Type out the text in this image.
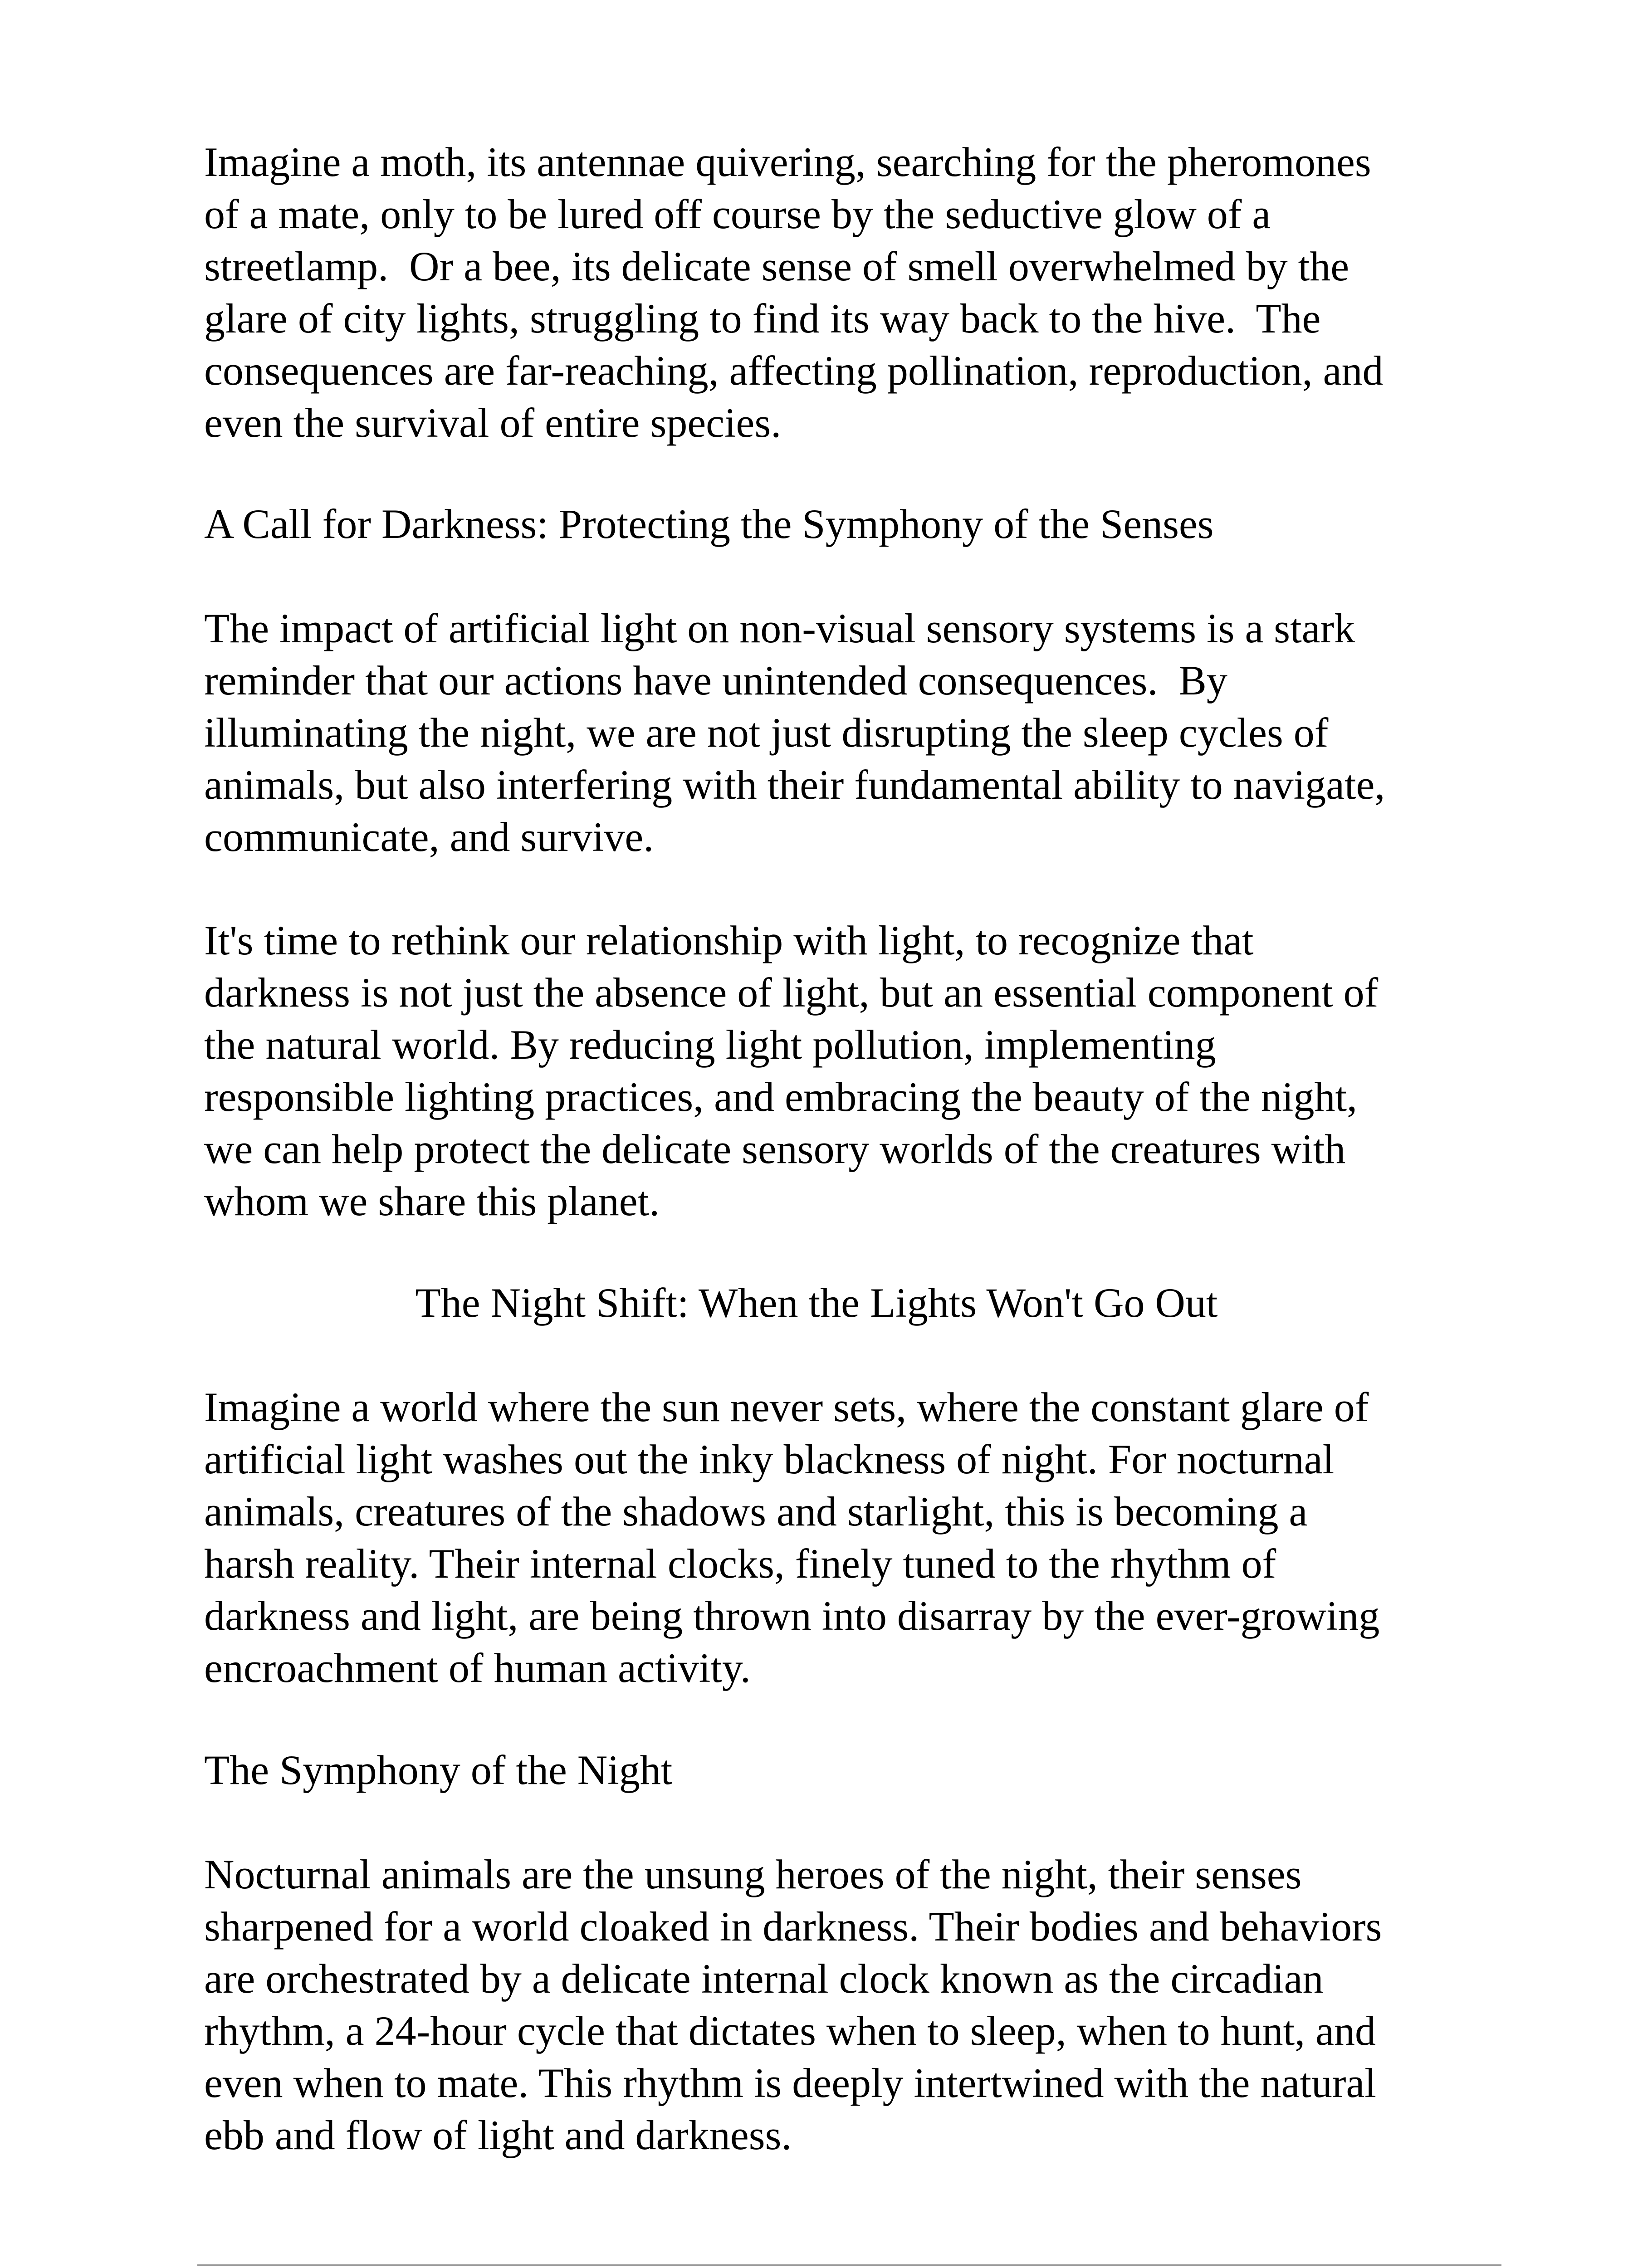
Imagine a moth, its antennae quivering, searching for the pheromones
of a mate, only to be lured off course by the seductive glow of a
streetlamp.  Or a bee, its delicate sense of smell overwhelmed by the
glare of city lights, struggling to find its way back to the hive.  The
consequences are far-reaching, affecting pollination, reproduction, and
even the survival of entire species.

A Call for Darkness: Protecting the Symphony of the Senses

The impact of artificial light on non-visual sensory systems is a stark
reminder that our actions have unintended consequences.  By
illuminating the night, we are not just disrupting the sleep cycles of
animals, but also interfering with their fundamental ability to navigate,
communicate, and survive.

It's time to rethink our relationship with light, to recognize that
darkness is not just the absence of light, but an essential component of
the natural world. By reducing light pollution, implementing
responsible lighting practices, and embracing the beauty of the night,
we can help protect the delicate sensory worlds of the creatures with
whom we share this planet.

The Night Shift: When the Lights Won't Go Out

Imagine a world where the sun never sets, where the constant glare of
artificial light washes out the inky blackness of night. For nocturnal
animals, creatures of the shadows and starlight, this is becoming a
harsh reality. Their internal clocks, finely tuned to the rhythm of
darkness and light, are being thrown into disarray by the ever-growing
encroachment of human activity.

The Symphony of the Night

Nocturnal animals are the unsung heroes of the night, their senses
sharpened for a world cloaked in darkness. Their bodies and behaviors
are orchestrated by a delicate internal clock known as the circadian
rhythm, a 24-hour cycle that dictates when to sleep, when to hunt, and
even when to mate. This rhythm is deeply intertwined with the natural
ebb and flow of light and darkness.
